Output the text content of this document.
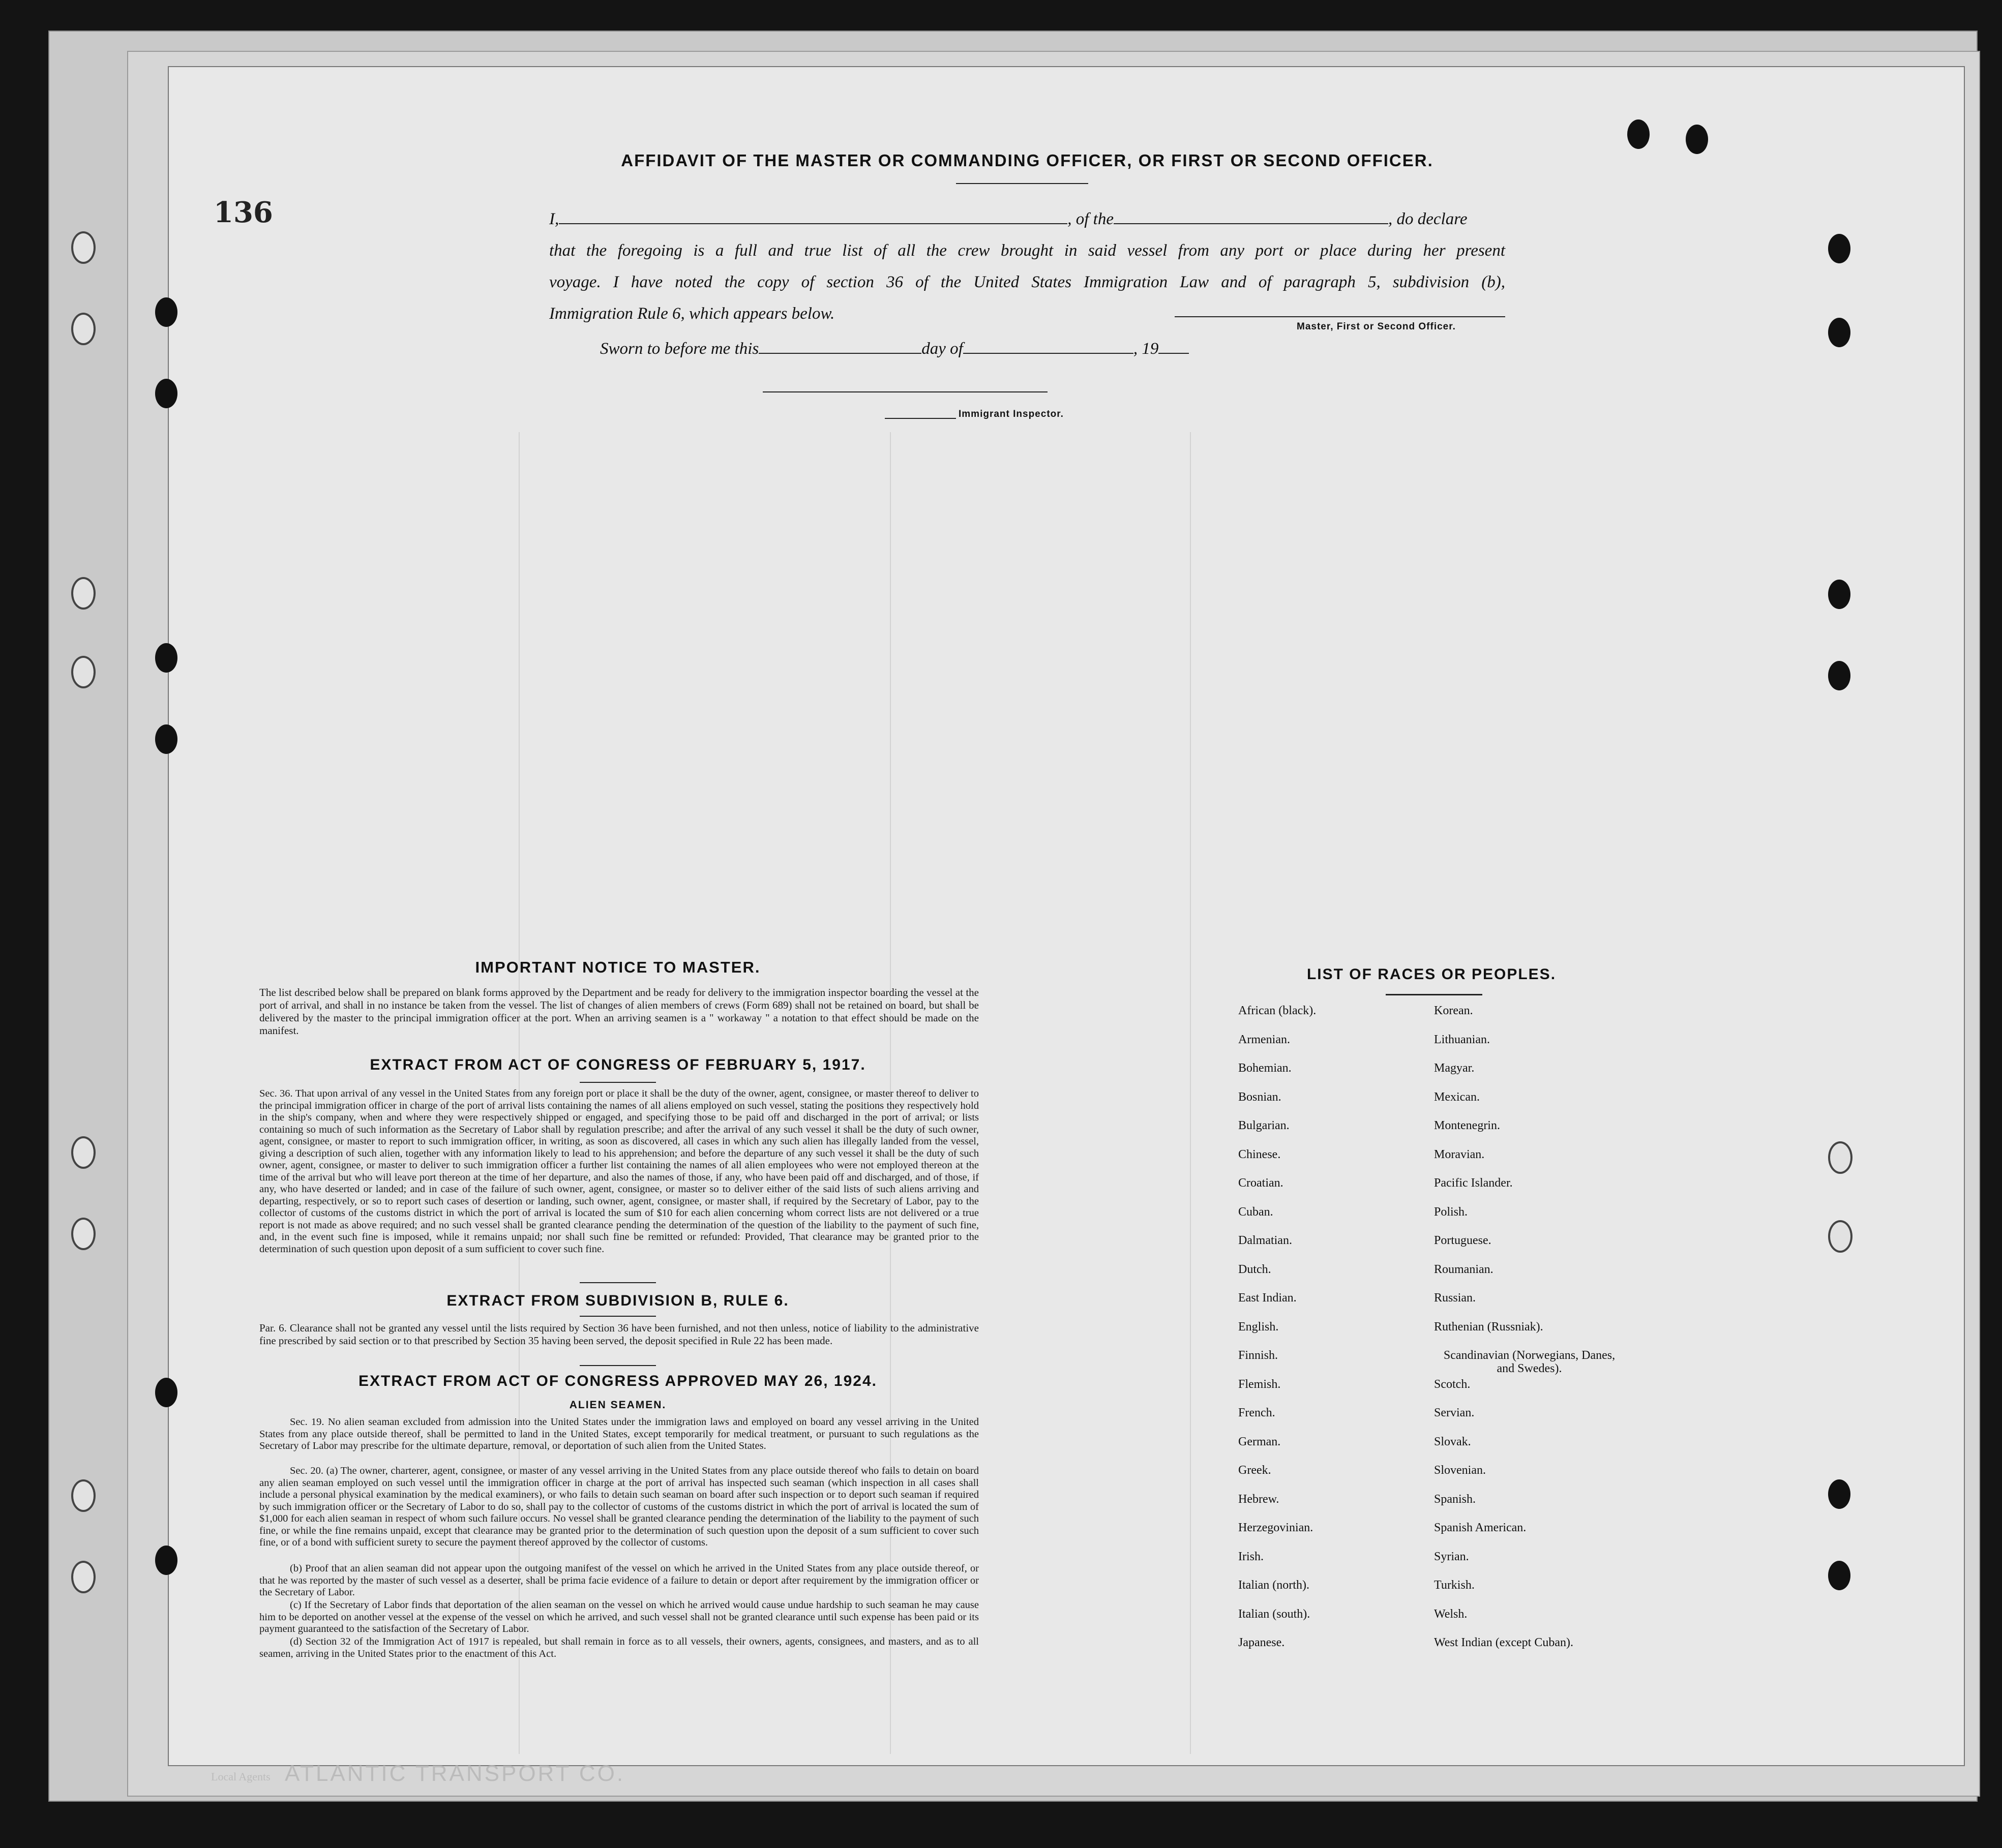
136
AFFIDAVIT OF THE MASTER OR COMMANDING OFFICER, OR FIRST OR SECOND OFFICER.
I,	, of the	, do declare
that the foregoing is a full and true list of all the crew brought in said vessel from any port or place during her present
voyage. I have noted the copy of section 36 of the United States Immigration Law and of paragraph 5, subdivision (b),
Immigration Rule 6, which appears below.
Master, First or Second Officer.
Sworn to before me this	day of	, 19
Immigrant Inspector.
IMPORTANT NOTICE TO MASTER.
The list described below shall be prepared on blank forms approved by the Department and be ready for delivery to the immigration inspector boarding the vessel at the port of arrival, and shall in no instance be taken from the vessel. The list of changes of alien members of crews (Form 689) shall not be retained on board, but shall be delivered by the master to the principal immigration officer at the port. When an arriving seamen is a " workaway " a notation to that effect should be made on the manifest.
EXTRACT FROM ACT OF CONGRESS OF FEBRUARY 5, 1917.
Sec. 36. That upon arrival of any vessel in the United States from any foreign port or place it shall be the duty of the owner, agent, consignee, or master thereof to deliver to the principal immigration officer in charge of the port of arrival lists containing the names of all aliens employed on such vessel, stating the positions they respectively hold in the ship's company, when and where they were respectively shipped or engaged, and specifying those to be paid off and discharged in the port of arrival; or lists containing so much of such information as the Secretary of Labor shall by regulation prescribe; and after the arrival of any such vessel it shall be the duty of such owner, agent, consignee, or master to report to such immigration officer, in writing, as soon as discovered, all cases in which any such alien has illegally landed from the vessel, giving a description of such alien, together with any information likely to lead to his apprehension; and before the departure of any such vessel it shall be the duty of such owner, agent, consignee, or master to deliver to such immigration officer a further list containing the names of all alien employees who were not employed thereon at the time of the arrival but who will leave port thereon at the time of her departure, and also the names of those, if any, who have been paid off and discharged, and of those, if any, who have deserted or landed; and in case of the failure of such owner, agent, consignee, or master so to deliver either of the said lists of such aliens arriving and departing, respectively, or so to report such cases of desertion or landing, such owner, agent, consignee, or master shall, if required by the Secretary of Labor, pay to the collector of customs of the customs district in which the port of arrival is located the sum of $10 for each alien concerning whom correct lists are not delivered or a true report is not made as above required; and no such vessel shall be granted clearance pending the determination of the question of the liability to the payment of such fine, and, in the event such fine is imposed, while it remains unpaid; nor shall such fine be remitted or refunded: Provided, That clearance may be granted prior to the determination of such question upon deposit of a sum sufficient to cover such fine.
EXTRACT FROM SUBDIVISION B, RULE 6.
Par. 6. Clearance shall not be granted any vessel until the lists required by Section 36 have been furnished, and not then unless, notice of liability to the administrative fine prescribed by said section or to that prescribed by Section 35 having been served, the deposit specified in Rule 22 has been made.
EXTRACT FROM ACT OF CONGRESS APPROVED MAY 26, 1924.
ALIEN SEAMEN.
Sec. 19. No alien seaman excluded from admission into the United States under the immigration laws and employed on board any vessel arriving in the United States from any place outside thereof, shall be permitted to land in the United States, except temporarily for medical treatment, or pursuant to such regulations as the Secretary of Labor may prescribe for the ultimate departure, removal, or deportation of such alien from the United States.
Sec. 20. (a) The owner, charterer, agent, consignee, or master of any vessel arriving in the United States from any place outside thereof who fails to detain on board any alien seaman employed on such vessel until the immigration officer in charge at the port of arrival has inspected such seaman (which inspection in all cases shall include a personal physical examination by the medical examiners), or who fails to detain such seaman on board after such inspection or to deport such seaman if required by such immigration officer or the Secretary of Labor to do so, shall pay to the collector of customs of the customs district in which the port of arrival is located the sum of $1,000 for each alien seaman in respect of whom such failure occurs. No vessel shall be granted clearance pending the determination of the liability to the payment of such fine, or while the fine remains unpaid, except that clearance may be granted prior to the determination of such question upon the deposit of a sum sufficient to cover such fine, or of a bond with sufficient surety to secure the payment thereof approved by the collector of customs.
(b) Proof that an alien seaman did not appear upon the outgoing manifest of the vessel on which he arrived in the United States from any place outside thereof, or that he was reported by the master of such vessel as a deserter, shall be prima facie evidence of a failure to detain or deport after requirement by the immigration officer or the Secretary of Labor.
(c) If the Secretary of Labor finds that deportation of the alien seaman on the vessel on which he arrived would cause undue hardship to such seaman he may cause him to be deported on another vessel at the expense of the vessel on which he arrived, and such vessel shall not be granted clearance until such expense has been paid or its payment guaranteed to the satisfaction of the Secretary of Labor.
(d) Section 32 of the Immigration Act of 1917 is repealed, but shall remain in force as to all vessels, their owners, agents, consignees, and masters, and as to all seamen, arriving in the United States prior to the enactment of this Act.
LIST OF RACES OR PEOPLES.
African (black).	Korean.
Armenian.	Lithuanian.
Bohemian.	Magyar.
Bosnian.	Mexican.
Bulgarian.	Montenegrin.
Chinese.	Moravian.
Croatian.	Pacific Islander.
Cuban.	Polish.
Dalmatian.	Portuguese.
Dutch.	Roumanian.
East Indian.	Russian.
English.	Ruthenian (Russniak).
Finnish.	Scandinavian (Norwegians, Danes, and Swedes).
Flemish.	Scotch.
French.	Servian.
German.	Slovak.
Greek.	Slovenian.
Hebrew.	Spanish.
Herzegovinian.	Spanish American.
Irish.	Syrian.
Italian (north).	Turkish.
Italian (south).	Welsh.
Japanese.	West Indian (except Cuban).
Local Agents ATLANTIC TRANSPORT CO.
